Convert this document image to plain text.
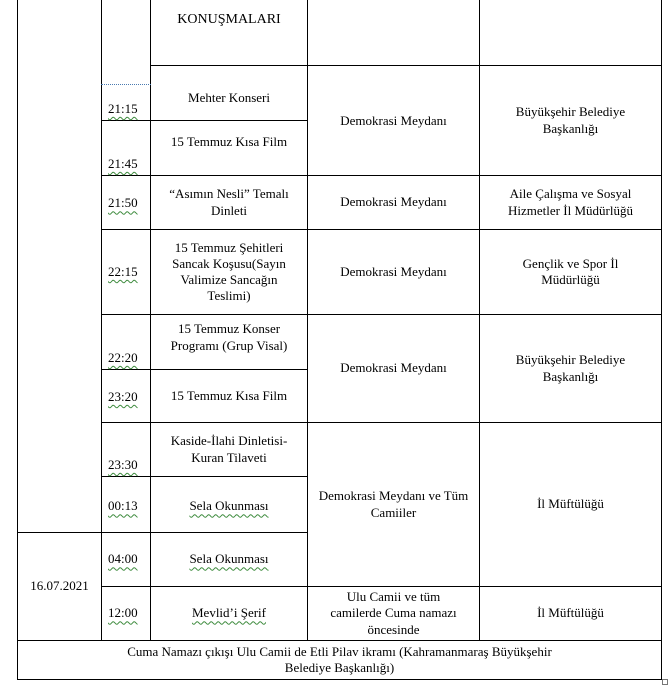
KONUŞMALARI
21:15
21:45
21:50
22:15
22:20
23:20
23:30
00:13
04:00
12:00
Mehter Konseri
15 Temmuz Kısa Film
“Asımın Nesli” Temalı Dinleti
15 Temmuz Şehitleri Sancak Koşusu(Sayın Valimize Sancağın Teslimi)
15 Temmuz Konser Programı (Grup Visal)
15 Temmuz Kısa Film
Kaside-İlahi Dinletisi-Kuran Tilaveti
Sela Okunması
Sela Okunması
Mevlid’i Şerif
Demokrasi Meydanı
Demokrasi Meydanı
Demokrasi Meydanı
Demokrasi Meydanı
Demokrasi Meydanı ve Tüm Camiiler
Ulu Camii ve tüm camilerde Cuma namazı öncesinde
Büyükşehir Belediye Başkanlığı
Aile Çalışma ve Sosyal Hizmetler İl Müdürlüğü
Gençlik ve Spor İl Müdürlüğü
Büyükşehir Belediye Başkanlığı
İl Müftülüğü
İl Müftülüğü
16.07.2021
Cuma Namazı çıkışı Ulu Camii de Etli Pilav ikramı (Kahramanmaraş Büyükşehir Belediye Başkanlığı)
